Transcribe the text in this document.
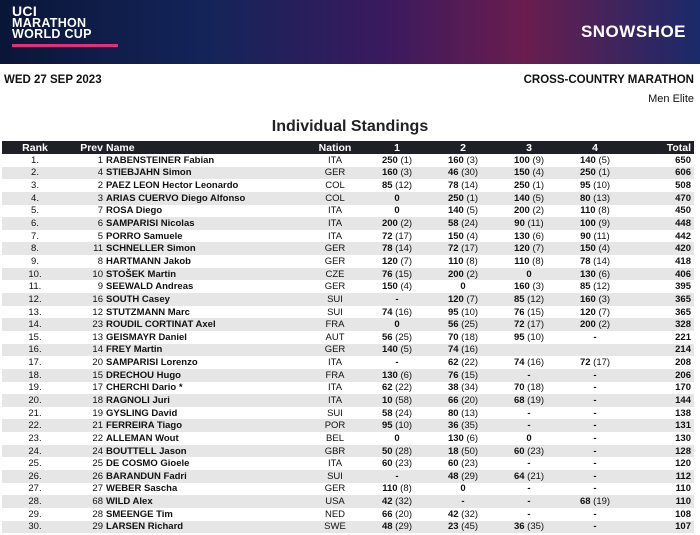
UCI
MARATHON
WORLD CUP	SNOWSHOE
WED 27 SEP 2023	CROSS-COUNTRY MARATHON
Men Elite
Individual Standings
Rank	Prev	Name	Nation	1	2	3	4	Total
1.	1	RABENSTEINER Fabian	ITA	250 (1)	160 (3)	100 (9)	140 (5)	650
2.	4	STIEBJAHN Simon	GER	160 (3)	46 (30)	150 (4)	250 (1)	606
3.	2	PAEZ LEON Hector Leonardo	COL	85 (12)	78 (14)	250 (1)	95 (10)	508
4.	3	ARIAS CUERVO Diego Alfonso	COL	0	250 (1)	140 (5)	80 (13)	470
5.	7	ROSA Diego	ITA	0	140 (5)	200 (2)	110 (8)	450
6.	6	SAMPARISI Nicolas	ITA	200 (2)	58 (24)	90 (11)	100 (9)	448
7.	5	PORRO Samuele	ITA	72 (17)	150 (4)	130 (6)	90 (11)	442
8.	11	SCHNELLER Simon	GER	78 (14)	72 (17)	120 (7)	150 (4)	420
9.	8	HARTMANN Jakob	GER	120 (7)	110 (8)	110 (8)	78 (14)	418
10.	10	STOŠEK Martin	CZE	76 (15)	200 (2)	0	130 (6)	406
11.	9	SEEWALD Andreas	GER	150 (4)	0	160 (3)	85 (12)	395
12.	16	SOUTH Casey	SUI	-	120 (7)	85 (12)	160 (3)	365
13.	12	STUTZMANN Marc	SUI	74 (16)	95 (10)	76 (15)	120 (7)	365
14.	23	ROUDIL CORTINAT Axel	FRA	0	56 (25)	72 (17)	200 (2)	328
15.	13	GEISMAYR Daniel	AUT	56 (25)	70 (18)	95 (10)	-	221
16.	14	FREY Martin	GER	140 (5)	74 (16)			214
17.	20	SAMPARISI Lorenzo	ITA	-	62 (22)	74 (16)	72 (17)	208
18.	15	DRECHOU Hugo	FRA	130 (6)	76 (15)	-	-	206
19.	17	CHERCHI Dario *	ITA	62 (22)	38 (34)	70 (18)	-	170
20.	18	RAGNOLI Juri	ITA	10 (58)	66 (20)	68 (19)	-	144
21.	19	GYSLING David	SUI	58 (24)	80 (13)	-	-	138
22.	21	FERREIRA Tiago	POR	95 (10)	36 (35)	-	-	131
23.	22	ALLEMAN Wout	BEL	0	130 (6)	0	-	130
24.	24	BOUTTELL Jason	GBR	50 (28)	18 (50)	60 (23)	-	128
25.	25	DE COSMO Gioele	ITA	60 (23)	60 (23)	-	-	120
26.	26	BARANDUN Fadri	SUI	-	48 (29)	64 (21)	-	112
27.	27	WEBER Sascha	GER	110 (8)	0	-	-	110
28.	68	WILD Alex	USA	42 (32)	-	-	68 (19)	110
29.	28	SMEENGE Tim	NED	66 (20)	42 (32)	-	-	108
30.	29	LARSEN Richard	SWE	48 (29)	23 (45)	36 (35)	-	107
